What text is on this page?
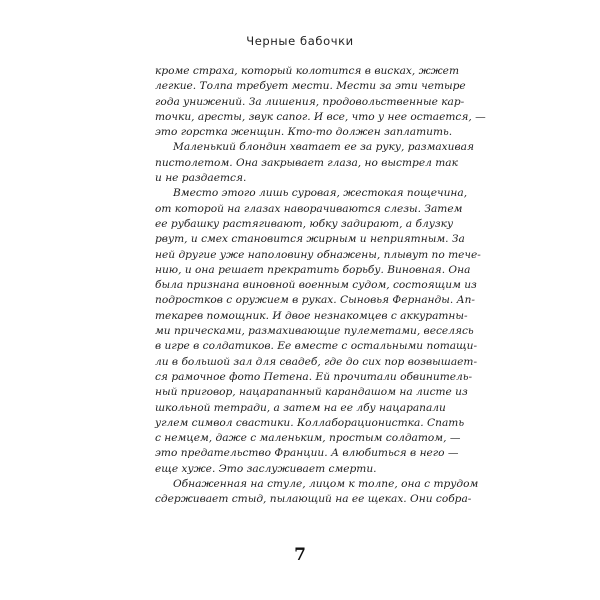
Черные бабочки
кроме страха, который колотится в висках, жжет
легкие. Толпа требует мести. Мести за эти четыре
года унижений. За лишения, продовольственные кар-
точки, аресты, звук сапог. И все, что у нее остается, —
это горстка женщин. Кто-то должен заплатить.
Маленький блондин хватает ее за руку, размахивая
пистолетом. Она закрывает глаза, но выстрел так
и не раздается.
Вместо этого лишь суровая, жестокая пощечина,
от которой на глазах наворачиваются слезы. Затем
ее рубашку растягивают, юбку задирают, а блузку
рвут, и смех становится жирным и неприятным. За
ней другие уже наполовину обнажены, плывут по тече-
нию, и она решает прекратить борьбу. Виновная. Она
была признана виновной военным судом, состоящим из
подростков с оружием в руках. Сыновья Фернанды. Ап-
текарев помощник. И двое незнакомцев с аккуратны-
ми прическами, размахивающие пулеметами, веселясь
в игре в солдатиков. Ее вместе с остальными потащи-
ли в большой зал для свадеб, где до сих пор возвышает-
ся рамочное фото Петена. Ей прочитали обвинитель-
ный приговор, нацарапанный карандашом на листе из
школьной тетради, а затем на ее лбу нацарапали
углем символ свастики. Коллаборационистка. Спать
с немцем, даже с маленьким, простым солдатом, —
это предательство Франции. А влюбиться в него —
еще хуже. Это заслуживает смерти.
Обнаженная на стуле, лицом к толпе, она с трудом
сдерживает стыд, пылающий на ее щеках. Они собра-
7
